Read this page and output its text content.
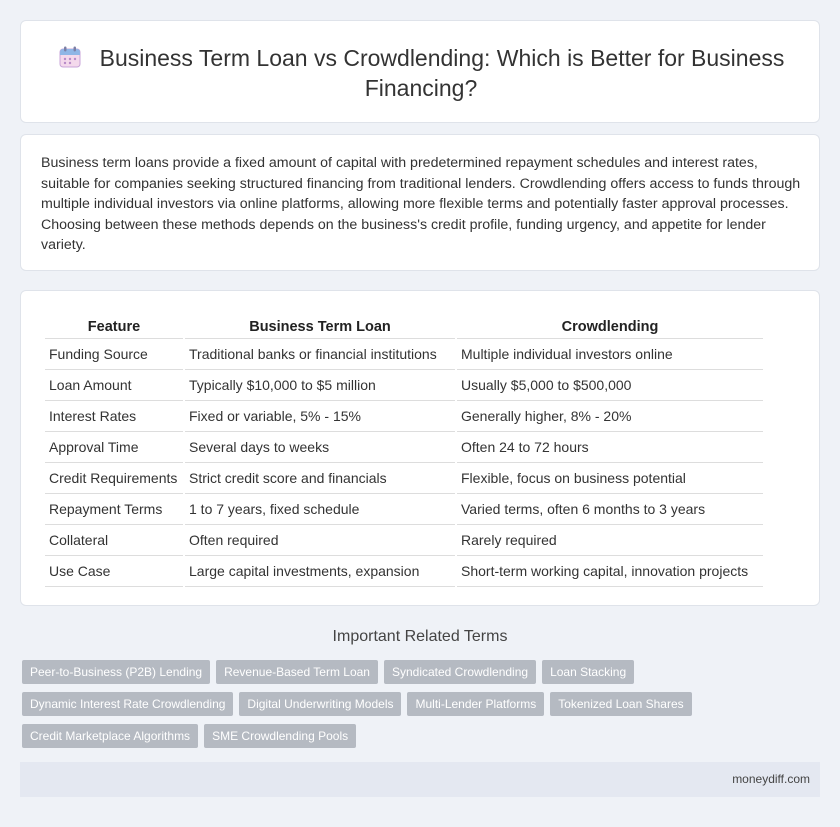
Business Term Loan vs Crowdlending: Which is Better for Business Financing?

Business term loans provide a fixed amount of capital with predetermined repayment schedules and interest rates, suitable for companies seeking structured financing from traditional lenders. Crowdlending offers access to funds through multiple individual investors via online platforms, allowing more flexible terms and potentially faster approval processes. Choosing between these methods depends on the business's credit profile, funding urgency, and appetite for lender variety.

Feature	Business Term Loan	Crowdlending
Funding Source	Traditional banks or financial institutions	Multiple individual investors online
Loan Amount	Typically $10,000 to $5 million	Usually $5,000 to $500,000
Interest Rates	Fixed or variable, 5% - 15%	Generally higher, 8% - 20%
Approval Time	Several days to weeks	Often 24 to 72 hours
Credit Requirements	Strict credit score and financials	Flexible, focus on business potential
Repayment Terms	1 to 7 years, fixed schedule	Varied terms, often 6 months to 3 years
Collateral	Often required	Rarely required
Use Case	Large capital investments, expansion	Short-term working capital, innovation projects
Important Related Terms
Peer-to-Business (P2B) Lending	Revenue-Based Term Loan	Syndicated Crowdlending	Loan Stacking
Dynamic Interest Rate Crowdlending	Digital Underwriting Models	Multi-Lender Platforms	Tokenized Loan Shares
Credit Marketplace Algorithms	SME Crowdlending Pools
moneydiff.com
